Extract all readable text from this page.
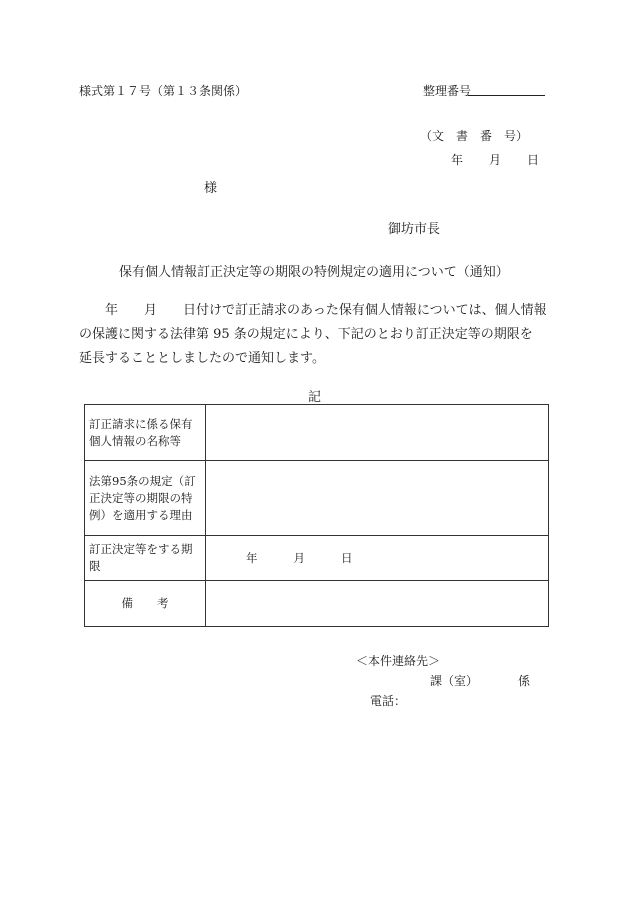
様式第１７号（第１３条関係）	整理番号
（文　書　番　号）
年 月 日
様
御坊市長
保有個人情報訂正決定等の期限の特例規定の適用について（通知）

　　年　　月　　日付けで訂正請求のあった保有個人情報については、個人情報

の保護に関する法律第 95 条の規定により、下記のとおり訂正決定等の期限を

延長することとしましたので通知します。

記
訂正請求に係る保有個人情報の名称等	
法第95条の規定（訂正決定等の期限の特例）を適用する理由	
訂正決定等をする期限	年 月 日
備 考	
＜本件連絡先＞
課（室）	係
電話：
